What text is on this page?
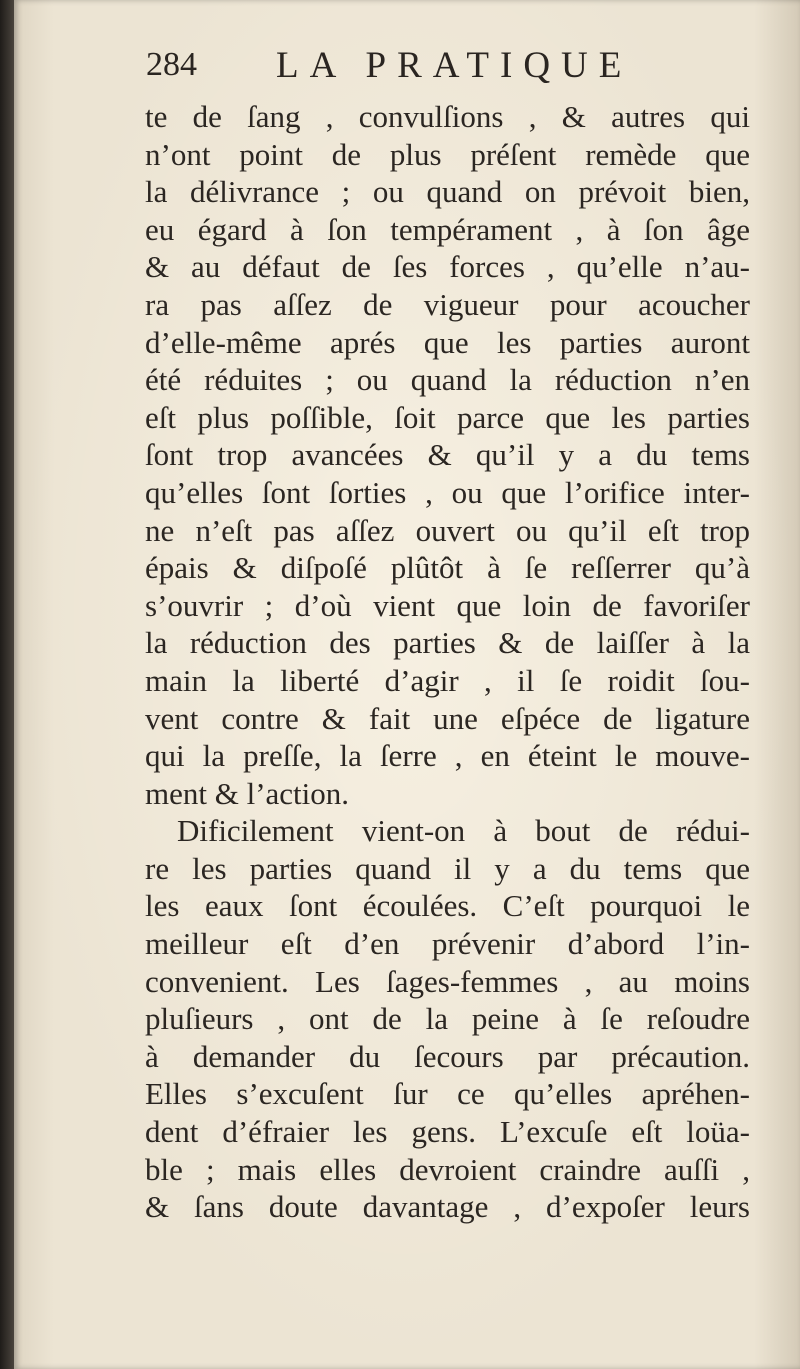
284 LA PRATIQUE
te de ſang , convulſions , & autres qui
n’ont point de plus préſent remède que
la délivrance ; ou quand on prévoit bien,
eu égard à ſon tempérament , à ſon âge
& au défaut de ſes forces , qu’elle n’au-
ra pas aſſez de vigueur pour acoucher
d’elle-même aprés que les parties auront
été réduites ; ou quand la réduction n’en
eſt plus poſſible, ſoit parce que les parties
ſont trop avancées & qu’il y a du tems
qu’elles ſont ſorties , ou que l’orifice inter-
ne n’eſt pas aſſez ouvert ou qu’il eſt trop
épais & diſpoſé plûtôt à ſe reſſerrer qu’à
s’ouvrir ; d’où vient que loin de favoriſer
la réduction des parties & de laiſſer à la
main la liberté d’agir , il ſe roidit ſou-
vent contre & fait une eſpéce de ligature
qui la preſſe, la ſerre , en éteint le mouve-
ment & l’action.
Dificilement vient-on à bout de rédui-
re les parties quand il y a du tems que
les eaux ſont écoulées. C’eſt pourquoi le
meilleur eſt d’en prévenir d’abord l’in-
convenient. Les ſages-femmes , au moins
pluſieurs , ont de la peine à ſe reſoudre
à demander du ſecours par précaution.
Elles s’excuſent ſur ce qu’elles apréhen-
dent d’éfraier les gens. L’excuſe eſt loüa-
ble ; mais elles devroient craindre auſſi ,
& ſans doute davantage , d’expoſer leurs
